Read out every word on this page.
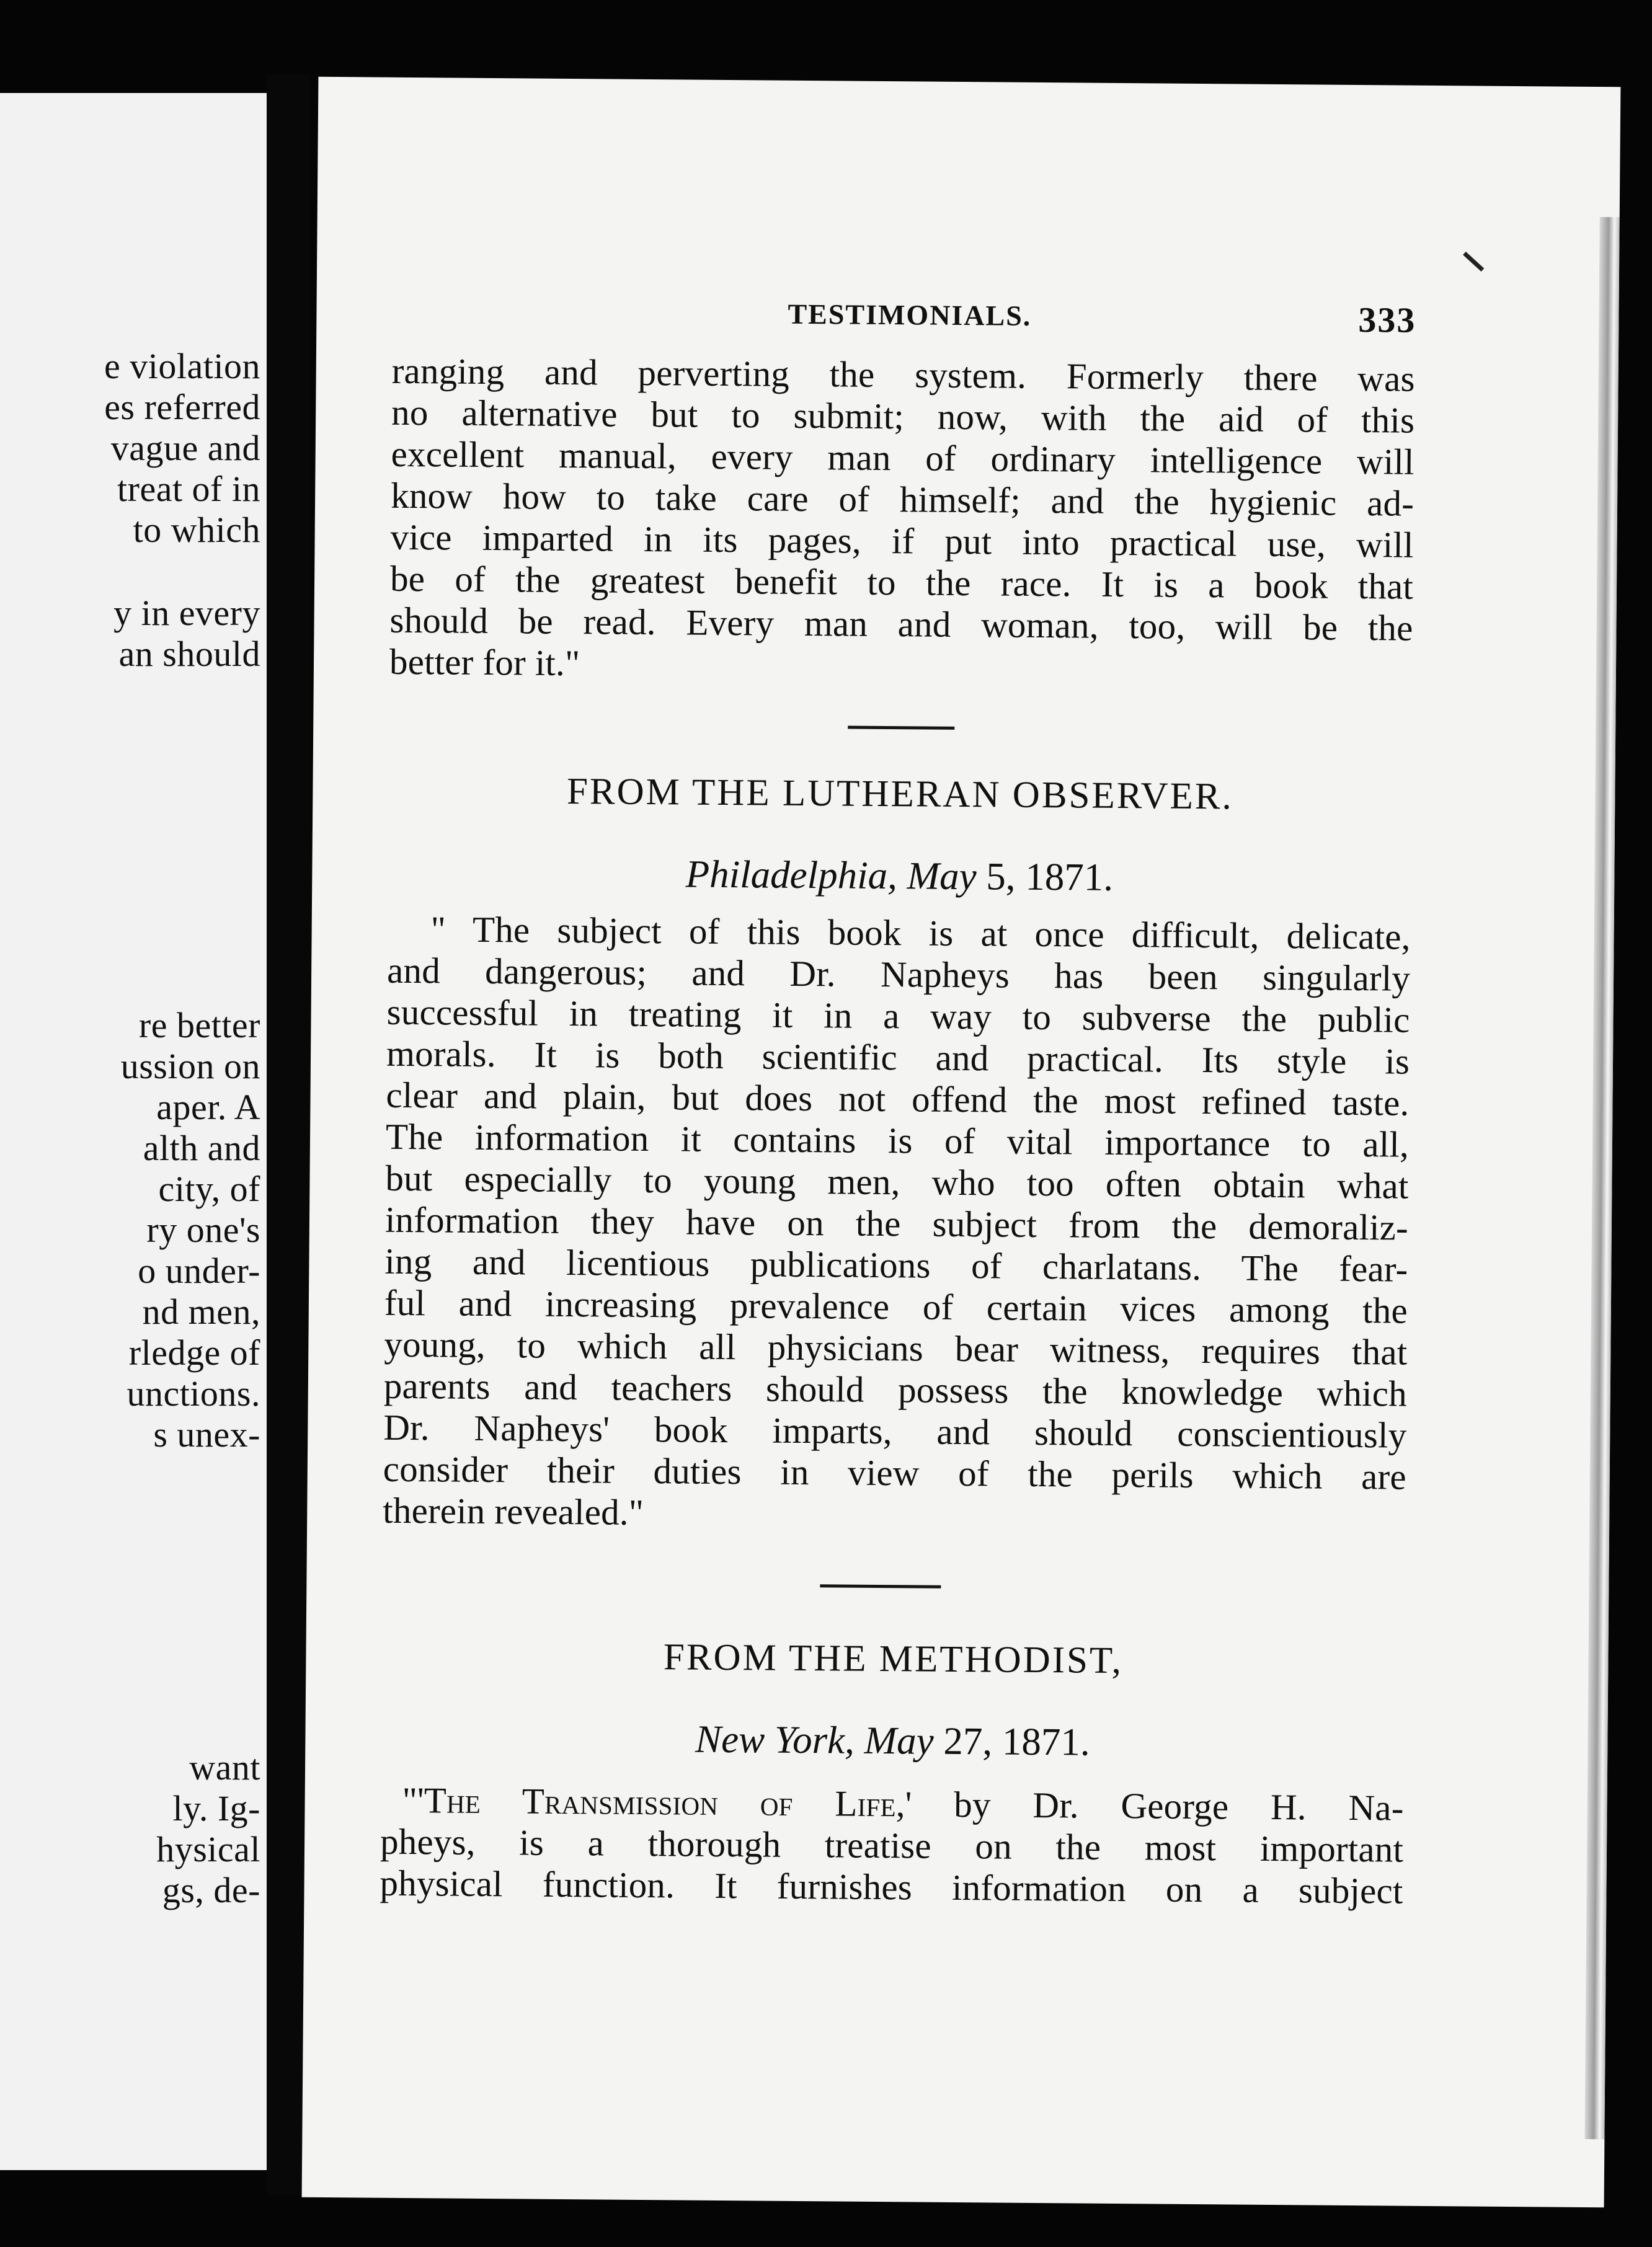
e violation
es referred
vague and
treat of in
to which
y in every
an should
re better
ussion on
aper. A
alth and
city, of
ry one's
o under-
nd men,
rledge of
unctions.
s unex-
want
ly. Ig-
hysical
gs, de-
TESTIMONIALS.	333
ranging and perverting the system. Formerly there was
no alternative but to submit; now, with the aid of this
excellent manual, every man of ordinary intelligence will
know how to take care of himself; and the hygienic ad-
vice imparted in its pages, if put into practical use, will
be of the greatest benefit to the race. It is a book that
should be read. Every man and woman, too, will be the
better for it."
FROM THE LUTHERAN OBSERVER.
Philadelphia, May 5, 1871.
" The subject of this book is at once difficult, delicate,
and dangerous; and Dr. Napheys has been singularly
successful in treating it in a way to subverse the public
morals. It is both scientific and practical. Its style is
clear and plain, but does not offend the most refined taste.
The information it contains is of vital importance to all,
but especially to young men, who too often obtain what
information they have on the subject from the demoraliz-
ing and licentious publications of charlatans. The fear-
ful and increasing prevalence of certain vices among the
young, to which all physicians bear witness, requires that
parents and teachers should possess the knowledge which
Dr. Napheys' book imparts, and should conscientiously
consider their duties in view of the perils which are
therein revealed."
FROM THE METHODIST,
New York, May 27, 1871.
"'The Transmission of Life,' by Dr. George H. Na-
pheys, is a thorough treatise on the most important
physical function. It furnishes information on a subject
